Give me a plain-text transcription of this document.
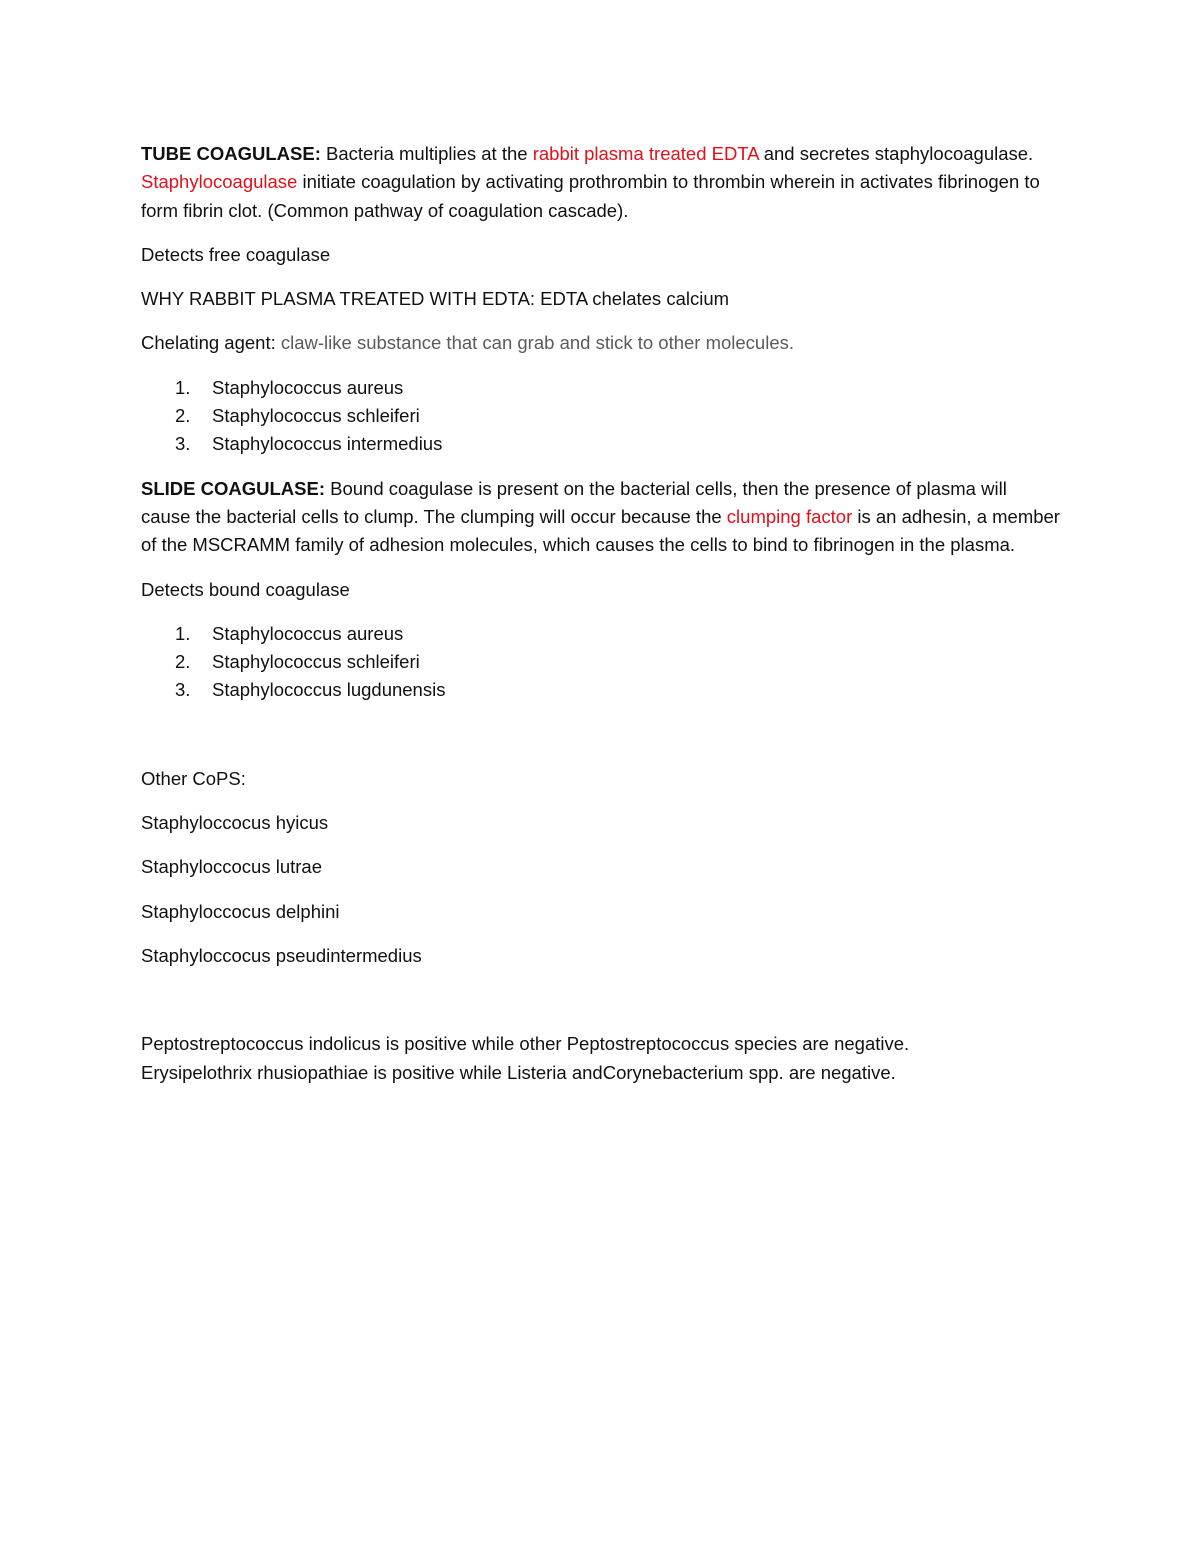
TUBE COAGULASE: Bacteria multiplies at the rabbit plasma treated EDTA and secretes staphylocoagulase. Staphylocoagulase initiate coagulation by activating prothrombin to thrombin wherein in activates fibrinogen to form fibrin clot. (Common pathway of coagulation cascade).

Detects free coagulase

WHY RABBIT PLASMA TREATED WITH EDTA: EDTA chelates calcium

Chelating agent: claw-like substance that can grab and stick to other molecules.

1. Staphylococcus aureus
2. Staphylococcus schleiferi
3. Staphylococcus intermedius

SLIDE COAGULASE: Bound coagulase is present on the bacterial cells, then the presence of plasma will cause the bacterial cells to clump. The clumping will occur because the clumping factor is an adhesin, a member of the MSCRAMM family of adhesion molecules, which causes the cells to bind to fibrinogen in the plasma.

Detects bound coagulase

1. Staphylococcus aureus
2. Staphylococcus schleiferi
3. Staphylococcus lugdunensis

Other CoPS:

Staphyloccocus hyicus

Staphyloccocus lutrae

Staphyloccocus delphini

Staphyloccocus pseudintermedius

Peptostreptococcus indolicus is positive while other Peptostreptococcus species are negative.

Erysipelothrix rhusiopathiae is positive while Listeria andCorynebacterium spp. are negative.
